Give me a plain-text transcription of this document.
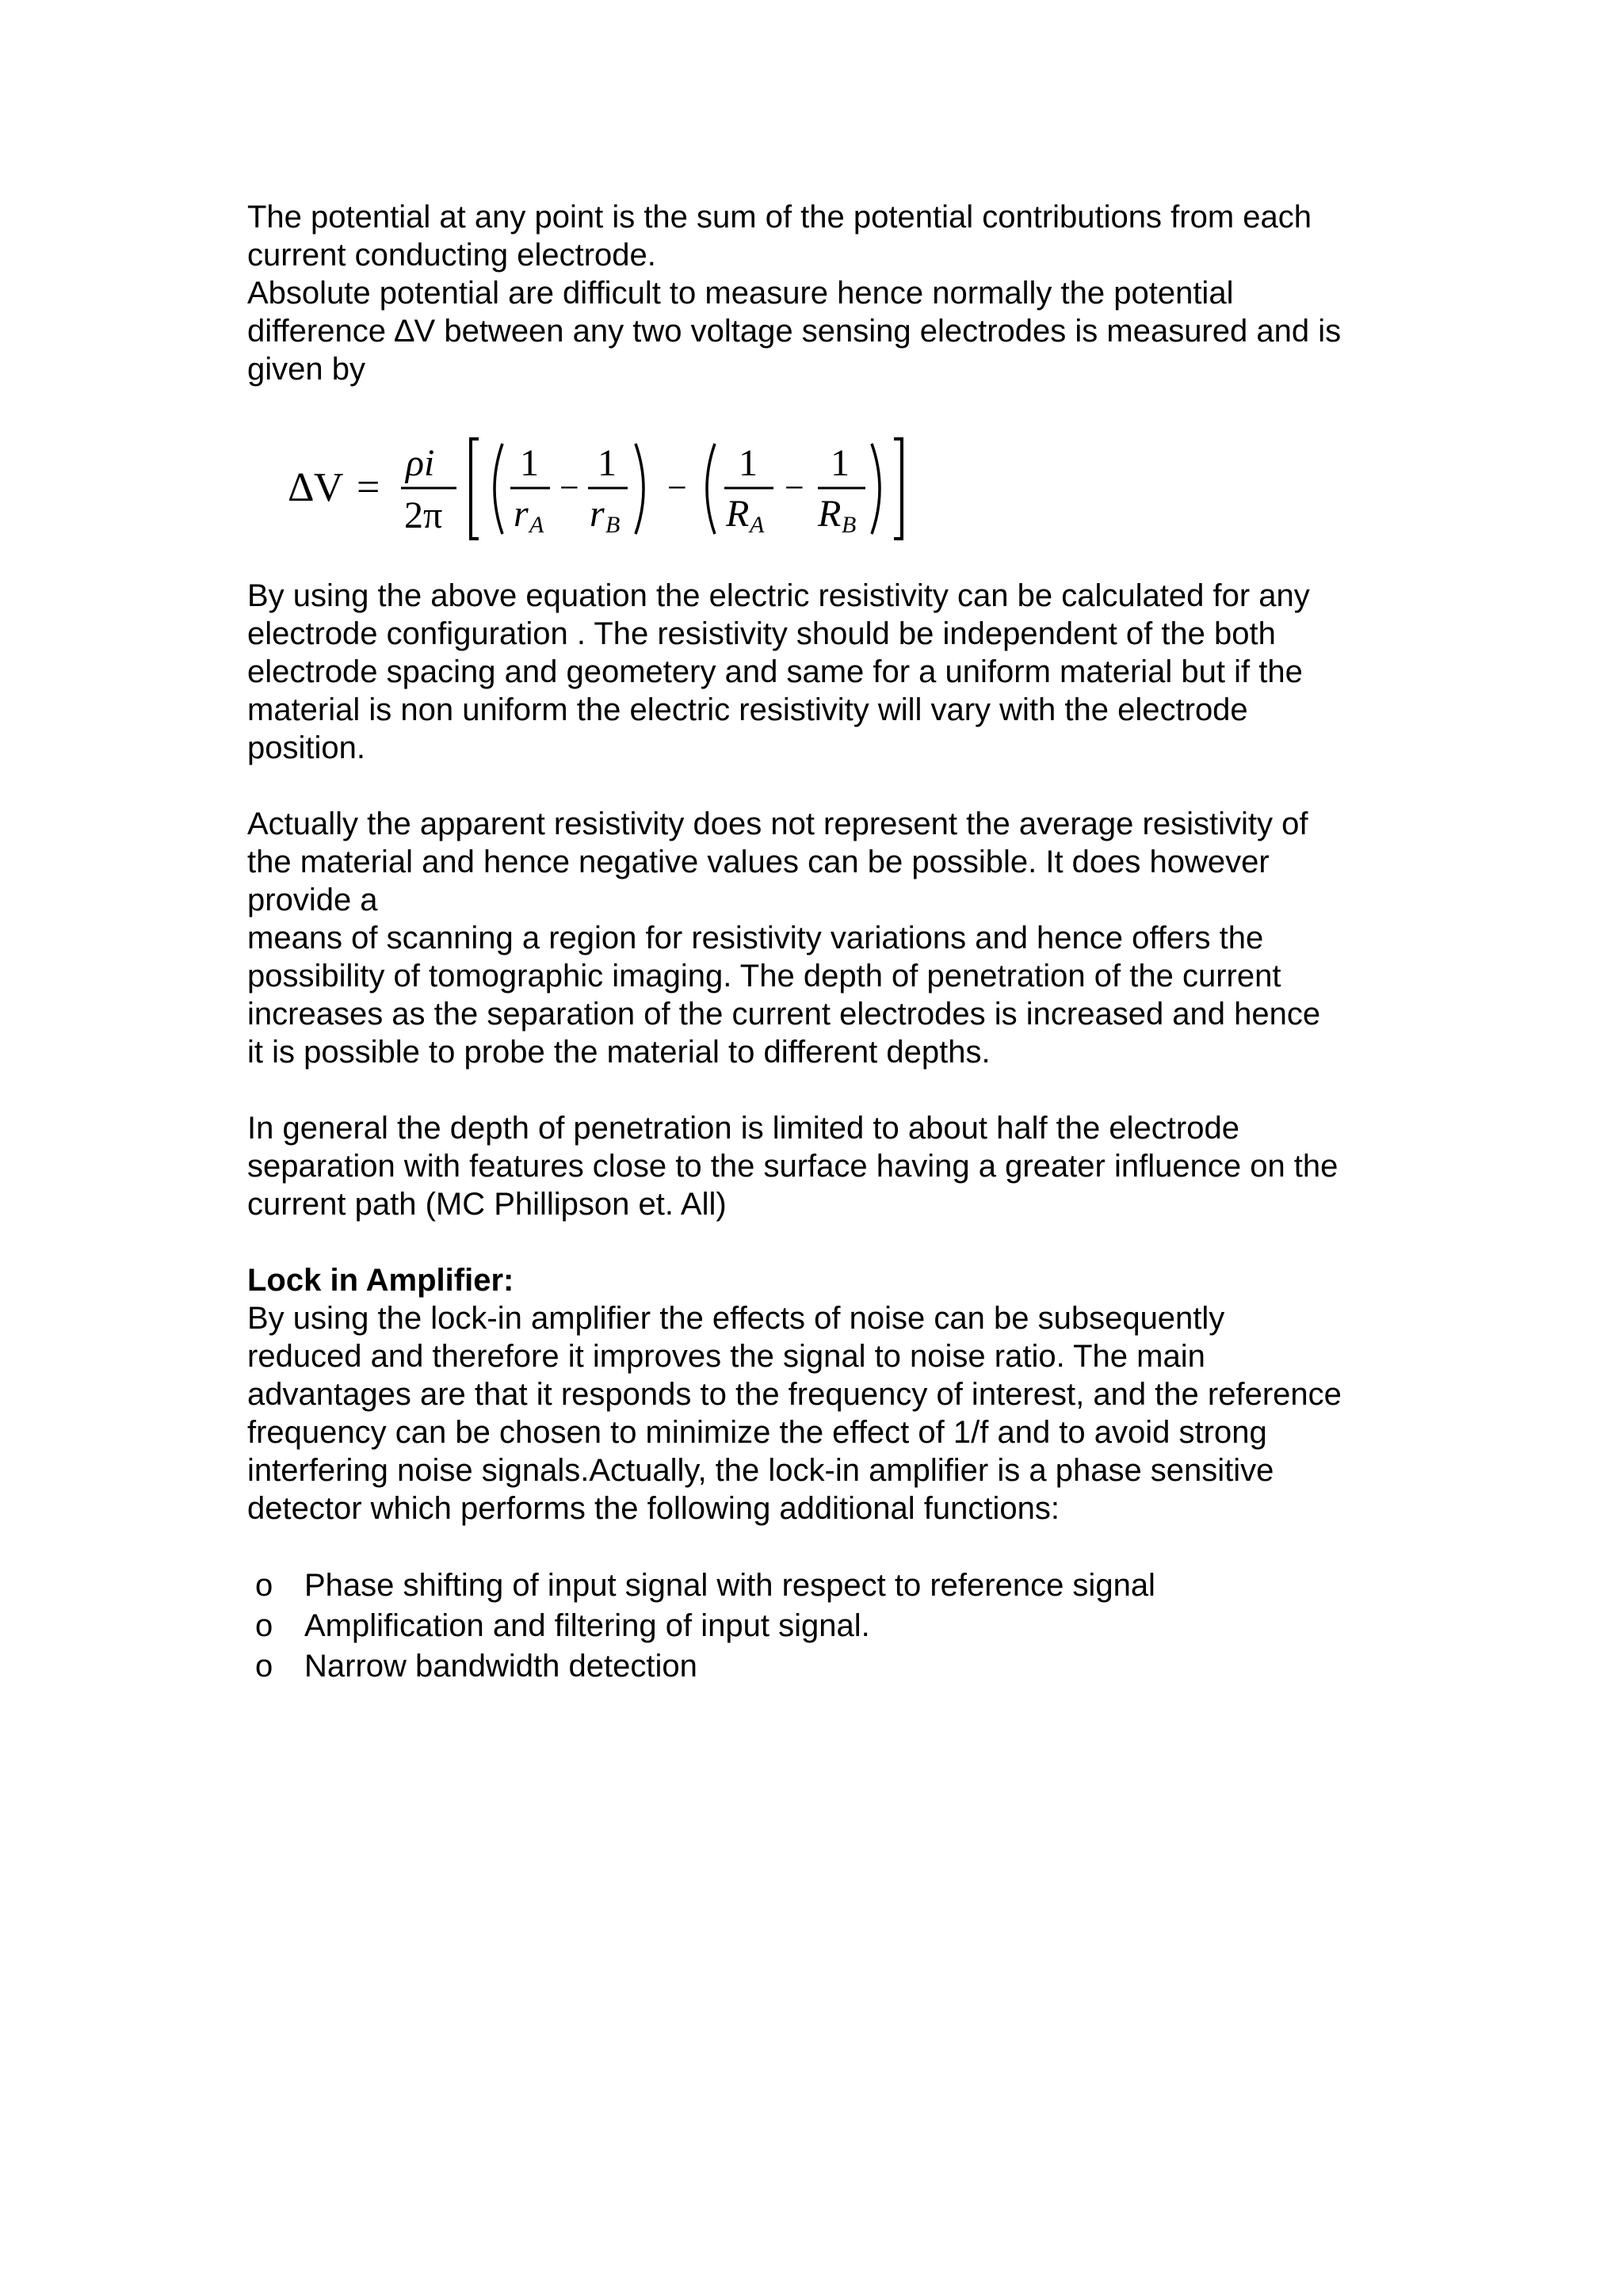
The potential at any point is the sum of the potential contributions from each
current conducting electrode.
Absolute potential are difficult to measure hence normally the potential
difference ∆V between any two voltage sensing electrodes is measured and is
given by
∆V =
ρi
2π
1
r A
−
1
r B
−
1
R A
−
1
R B
By using the above equation the electric resistivity can be calculated for any
electrode configuration . The resistivity should be independent of the both
electrode spacing and geometery and same for a uniform material but if the
material is non uniform the electric resistivity will vary with the electrode
position.
Actually the apparent resistivity does not represent the average resistivity of
the material and hence negative values can be possible. It does however
provide a
means of scanning a region for resistivity variations and hence offers the
possibility of tomographic imaging. The depth of penetration of the current
increases as the separation of the current electrodes is increased and hence
it is possible to probe the material to different depths.
In general the depth of penetration is limited to about half the electrode
separation with features close to the surface having a greater influence on the
current path (MC Phillipson et. All)
Lock in Amplifier:
By using the lock-in amplifier the effects of noise can be subsequently
reduced and therefore it improves the signal to noise ratio. The main
advantages are that it responds to the frequency of interest, and the reference
frequency can be chosen to minimize the effect of 1/f and to avoid strong
interfering noise signals.Actually, the lock-in amplifier is a phase sensitive
detector which performs the following additional functions:
o Phase shifting of input signal with respect to reference signal
o Amplification and filtering of input signal.
o Narrow bandwidth detection
